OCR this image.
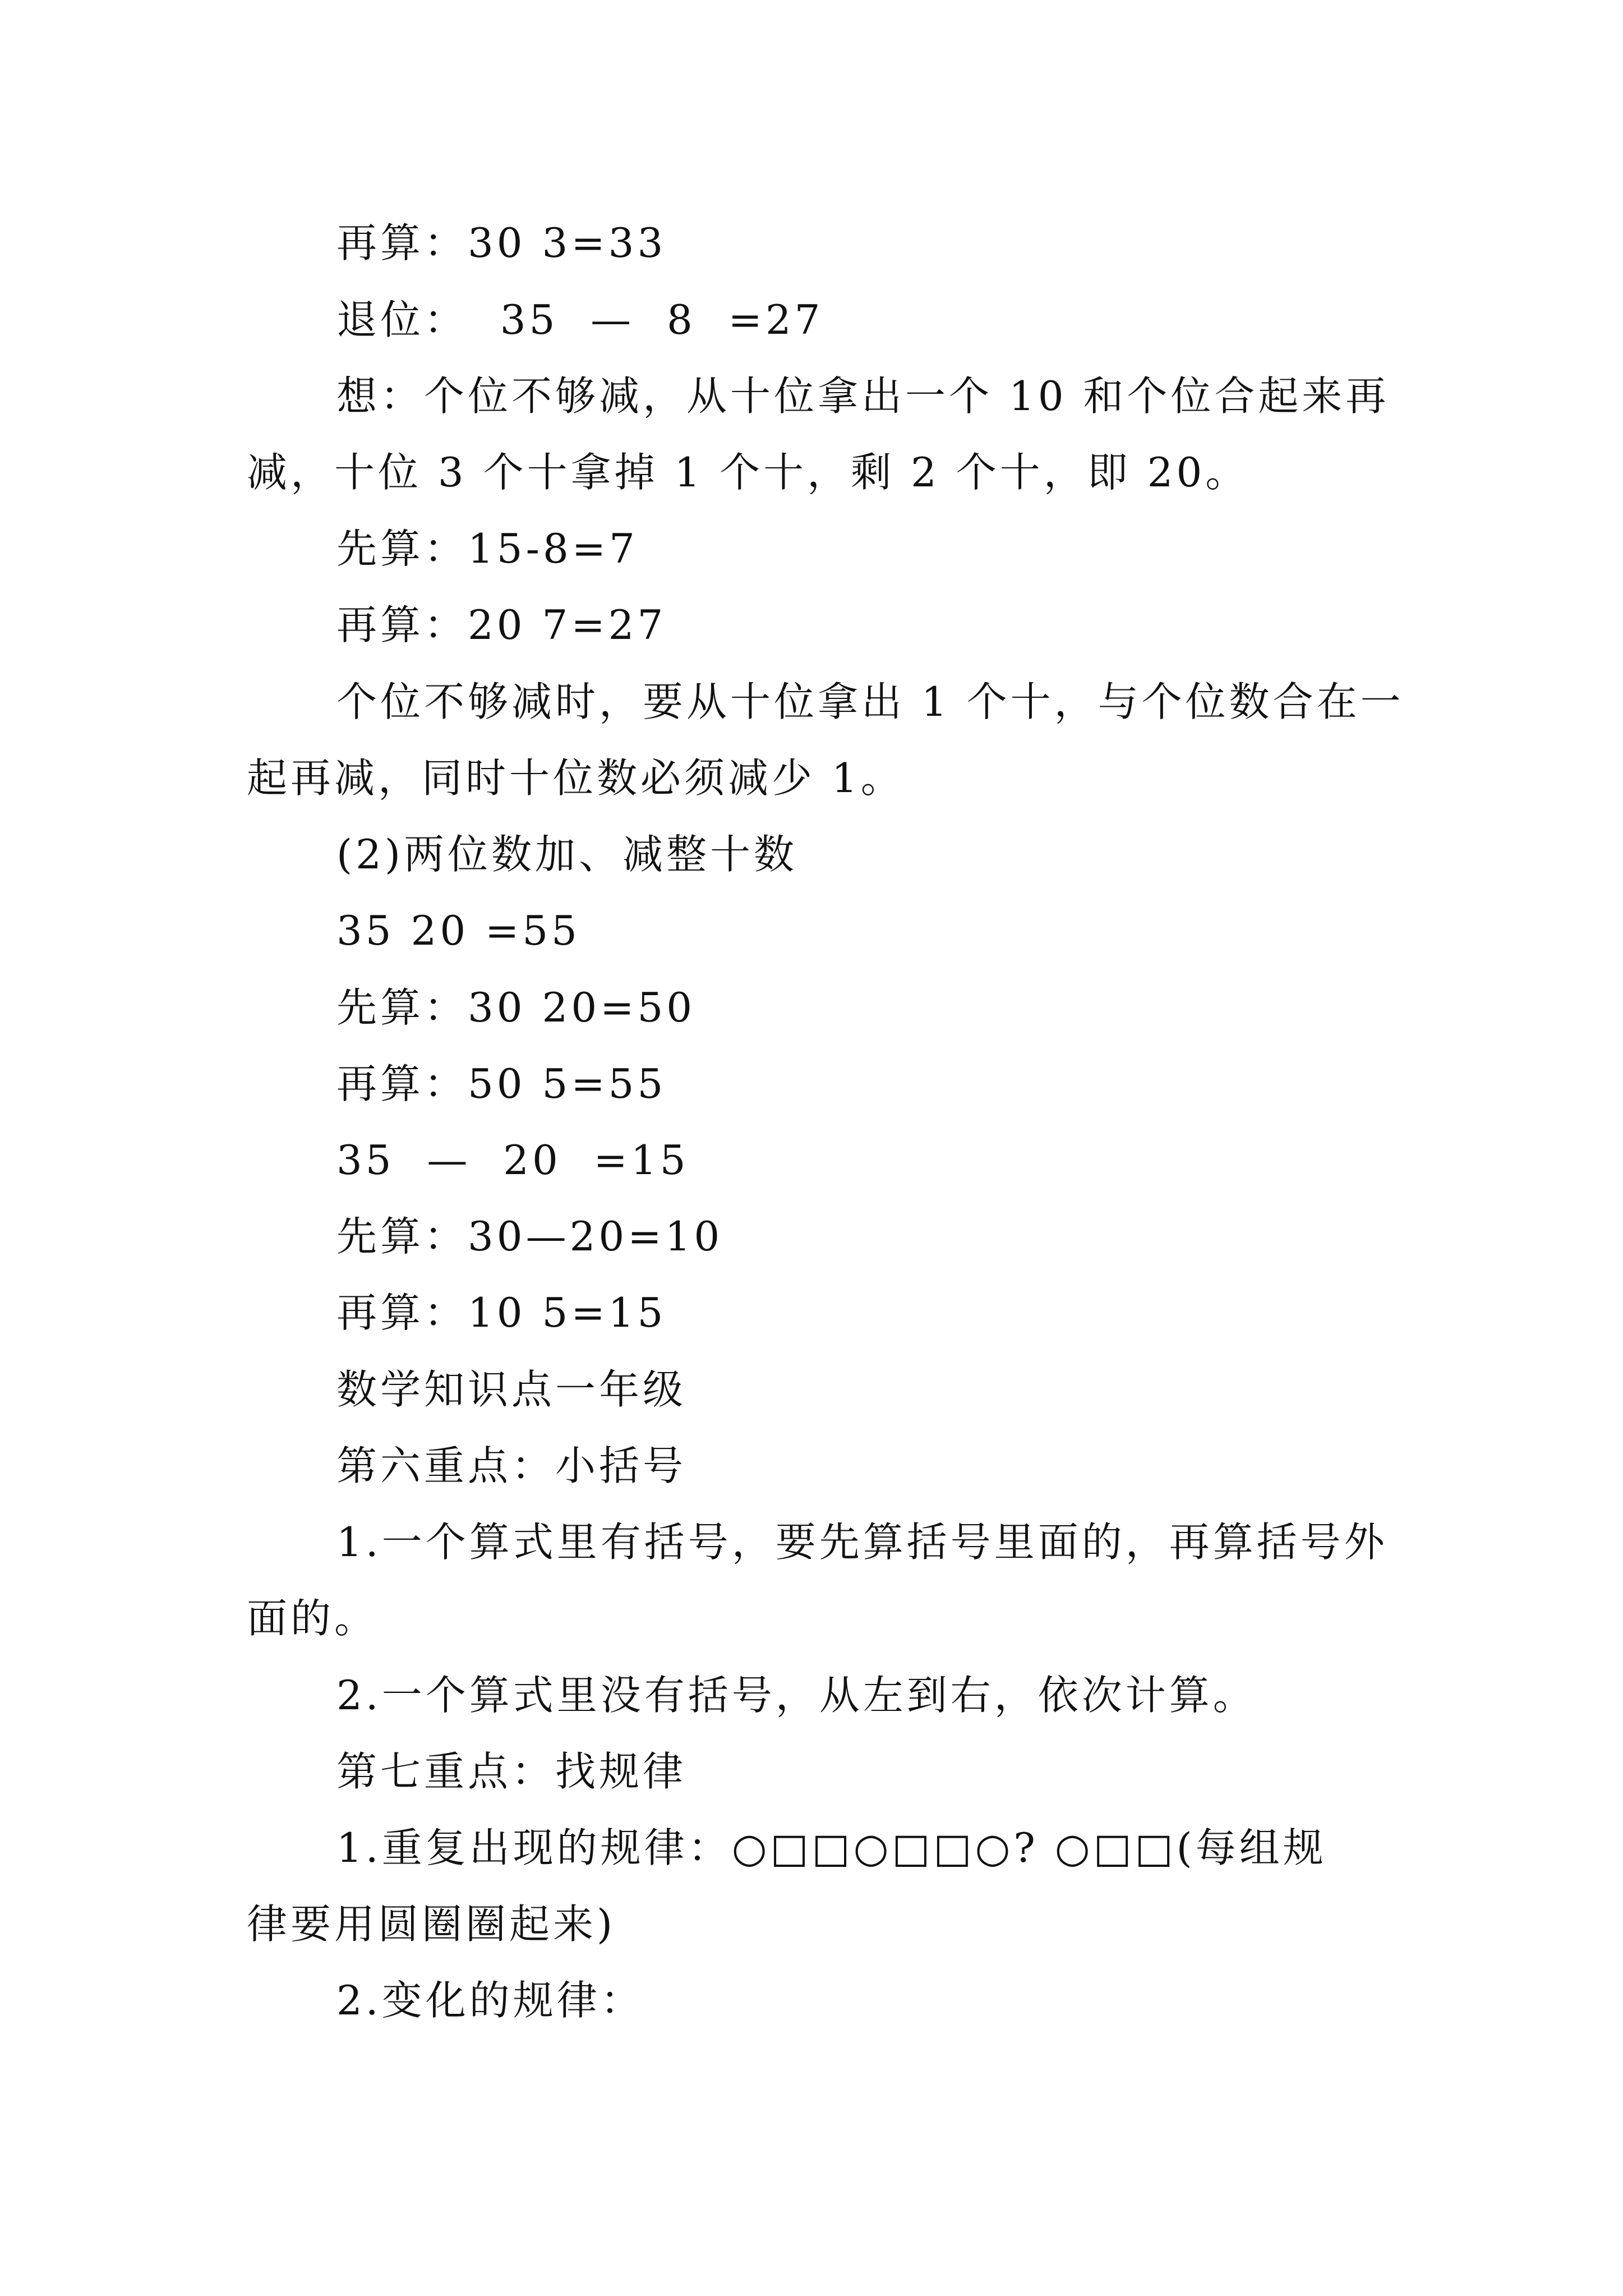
再算：30 3=33
退位：  35  —  8  =27
想：个位不够减，从十位拿出一个 10 和个位合起来再
减，十位 3 个十拿掉 1 个十，剩 2 个十，即 20。
先算：15-8=7
再算：20 7=27
个位不够减时，要从十位拿出 1 个十，与个位数合在一
起再减，同时十位数必须减少 1。
(2)两位数加、减整十数
35 20 =55
先算：30 20=50
再算：50 5=55
35  —  20  =15
先算：30—20=10
再算：10 5=15
数学知识点一年级
第六重点：小括号
1.一个算式里有括号，要先算括号里面的，再算括号外
面的。
2.一个算式里没有括号，从左到右，依次计算。
第七重点：找规律
1.重复出现的规律：○□□○□□○? ○□□(每组规
律要用圆圈圈起来)
2.变化的规律：
